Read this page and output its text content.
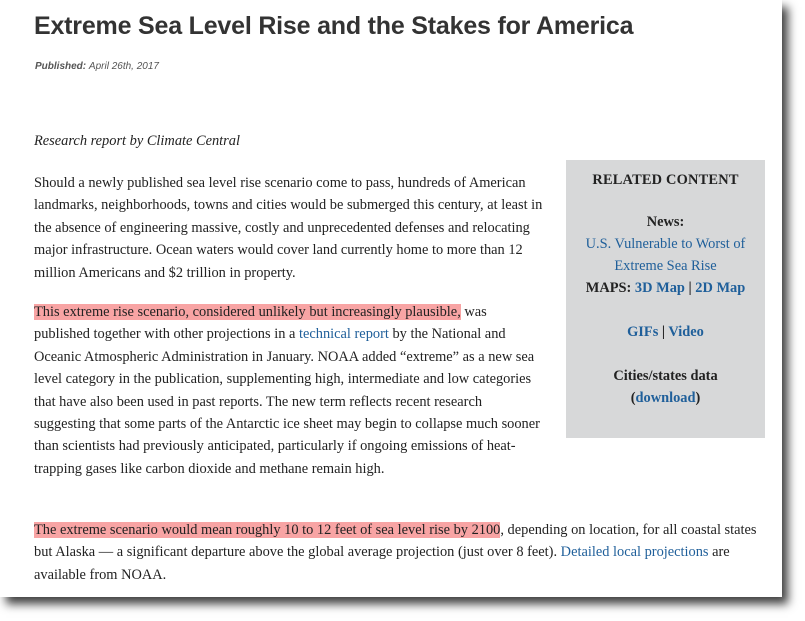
Extreme Sea Level Rise and the Stakes for America
Published: April 26th, 2017

Research report by Climate Central

Should a newly published sea level rise scenario come to pass, hundreds of American landmarks, neighborhoods, towns and cities would be submerged this century, at least in the absence of engineering massive, costly and unprecedented defenses and relocating major infrastructure. Ocean waters would cover land currently home to more than 12 million Americans and $2 trillion in property.

This extreme rise scenario, considered unlikely but increasingly plausible, was published together with other projections in a technical report by the National and Oceanic Atmospheric Administration in January. NOAA added “extreme” as a new sea level category in the publication, supplementing high, intermediate and low categories that have also been used in past reports. The new term reflects recent research suggesting that some parts of the Antarctic ice sheet may begin to collapse much sooner than scientists had previously anticipated, particularly if ongoing emissions of heat-trapping gases like carbon dioxide and methane remain high.

The extreme scenario would mean roughly 10 to 12 feet of sea level rise by 2100, depending on location, for all coastal states but Alaska — a significant departure above the global average projection (just over 8 feet). Detailed local projections are available from NOAA.

RELATED CONTENT
News: U.S. Vulnerable to Worst of Extreme Sea Rise
MAPS: 3D Map | 2D Map
GIFs | Video
Cities/states data
(download)
